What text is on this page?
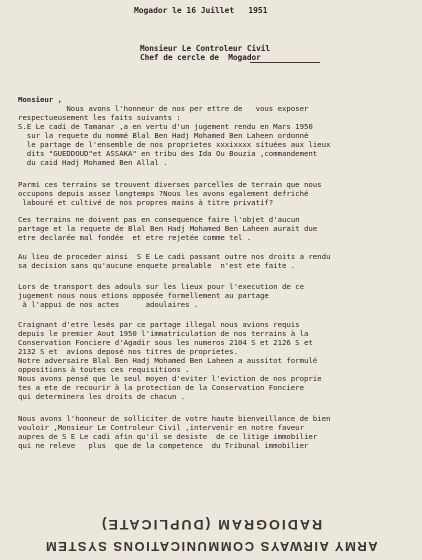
Mogador le 16 Juillet   1951
Monsieur Le Controleur Civil
Chef de cercle de  Mogador
Monsieur ,
Nous avons l'honneur de nos per ettre de   vous exposer
respectueusement les faits suivants :
S.E Le cadi de Tamanar ,a en vertu d'un jugement rendu en Mars 1950
sur la requete du nommé Blal Ben Hadj Mohamed Ben Laheen ordonné
le partage de l'ensemble de nos proprietes xxxixxxx situées aux lieux
dits "GUEDDOUD"et ASSAKA" en tribu des Ida Ou Bouzia ,commandement
du caid Hadj Mohamed Ben Allal .
Parmi ces terrains se trouvent diverses parcelles de terrain que nous
occupons depuis assez longtemps ?Nous les avons egalement defriché
labouré et cultivé de nos propres mains à titre privatif?
Ces terrains ne doivent pas en consequence faire l'objet d'aucun
partage et la requete de Blal Ben Hadj Mohamed Ben Laheen aurait due
etre declarée mal fondée  et etre rejetée comme tel .
Au lieu de proceder ainsi  S E Le cadi passant outre nos droits a rendu
sa decision sans qu'aucune enquete prealable  n'est ete faite .
Lors de transport des adouls sur les lieux pour l'execution de ce
jugement nous nous etions opposée formellement au partage
à l'appui de nos actes      adoulaires .
Craignant d'etre lesés par ce partage illegal nous avions requis
depuis le premier Aout 1950 l'immatriculation de nos terrains à la
Conservation Fonciere d'Agadir sous les numeros 2104 S et 2126 S et
2132 S et  avions deposé nos titres de proprietes.
Notre adversaire Blal Ben Hadj Mohamed Ben Laheen a aussitot formulé
oppositions à toutes ces requisitions .
Nous avons pensé que le seul moyen d'eviter l'eviction de nos proprie
tes a ete de recourir à la protection de la Conservation Fonciere
qui determinera les droits de chacun .
Nous avons l'honneur de solliciter de votre haute bienveillance de bien
vouloir ,Monsieur Le Controleur Civil ,intervenir en notre faveur
aupres de S E Le cadi afin qu'il se desiste  de ce litige immobilier
qui ne releve   plus  que de la competence  du Tribunal immobilier
ARMY AIRWAYS COMMUNICATIONS SYSTEM
RADIOGRAM (DUPLICATE)
